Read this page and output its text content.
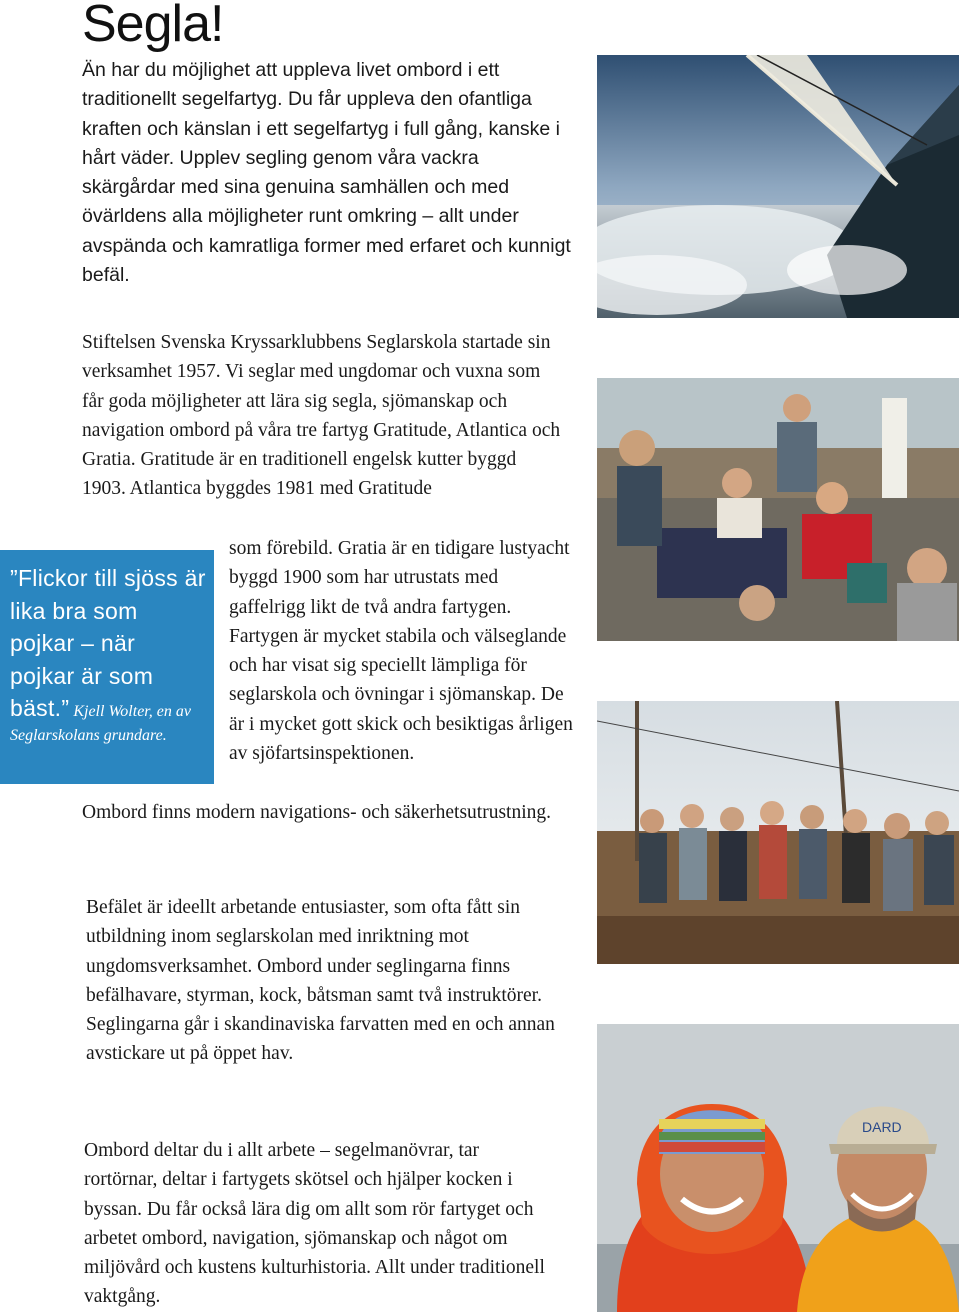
Segla!

Än har du möjlighet att uppleva livet ombord i ett traditionellt segelfartyg. Du får uppleva den ofantliga kraften och känslan i ett segelfartyg i full gång, kanske i hårt väder. Upplev segling genom våra vackra skärgårdar med sina genuina samhällen och med övärldens alla möjligheter runt omkring – allt under avspända och kamratliga former med erfaret och kunnigt befäl.

Stiftelsen Svenska Kryssarklubbens Seglarskola startade sin verksamhet 1957. Vi seglar med ungdomar och vuxna som får goda möjligheter att lära sig segla, sjömanskap och navigation ombord på våra tre fartyg Gratitude, Atlantica och Gratia. Gratitude är en traditionell engelsk kutter byggd 1903. Atlantica byggdes 1981 med Gratitude

som förebild. Gratia är en tidigare lustyacht byggd 1900 som har utrustats med gaffelrigg likt de två andra fartygen. Fartygen är mycket stabila och välseglande och har visat sig speciellt lämpliga för seglarskola och övningar i sjömanskap. De är i mycket gott skick och besiktigas årligen av sjöfartsinspektionen.

Ombord finns modern navigations- och säkerhetsutrustning.

”Flickor till sjöss är lika bra som pojkar – när pojkar är som bäst.” Kjell Wolter, en av Seglarskolans grundare.

Befälet är ideellt arbetande entusiaster, som ofta fått sin utbildning inom seglarskolan med inriktning mot ungdomsverksamhet. Ombord under seglingarna finns befälhavare, styrman, kock, båtsman samt två instruktörer. Seglingarna går i skandinaviska farvatten med en och annan avstickare ut på öppet hav.

Ombord deltar du i allt arbete – segelmanövrar, tar rortörnar, deltar i fartygets skötsel och hjälper kocken i byssan. Du får också lära dig om allt som rör fartyget och arbetet ombord, navigation, sjömanskap och något om miljövård och kustens kulturhistoria. Allt under traditionell vaktgång.

DARD
